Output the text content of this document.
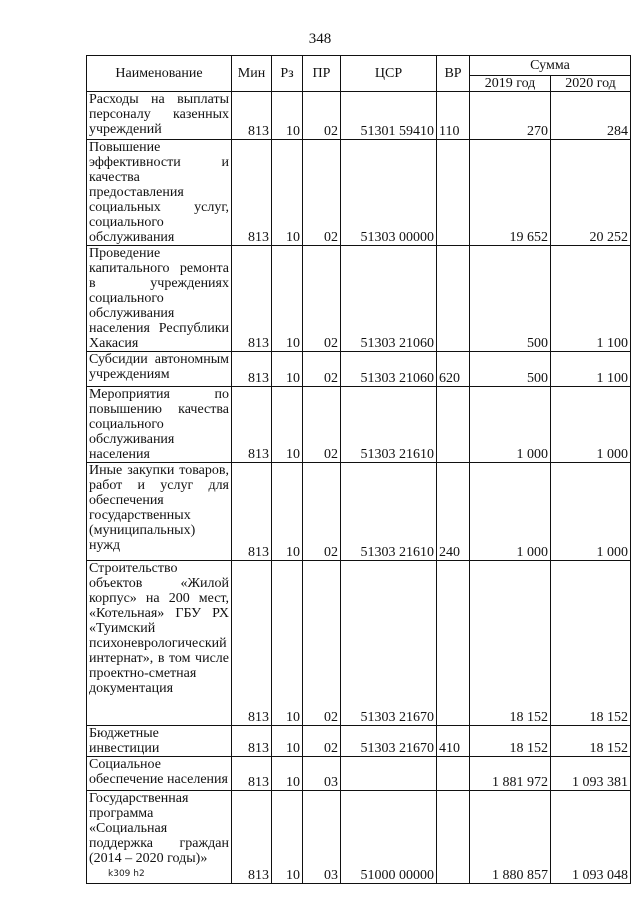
348
Наименование	Мин	Рз	ПР	ЦСР	ВР	Сумма	
						2019 год	2020 год
Расходы на выплаты персоналу казенных учреждений	813	10	02	51301 59410	110	270	284
Повышение эффективности и качества предоставления социальных услуг, социального обслуживания	813	10	02	51303 00000		19 652	20 252
Проведение капитального ремонта в учреждениях социального обслуживания населения Республики Хакасия	813	10	02	51303 21060		500	1 100
Субсидии автономным учреждениям	813	10	02	51303 21060	620	500	1 100
Мероприятия по повышению качества социального обслуживания населения	813	10	02	51303 21610		1 000	1 000
Иные закупки товаров, работ и услуг для обеспечения государственных (муниципальных) нужд	813	10	02	51303 21610	240	1 000	1 000
Строительство объектов «Жилой корпус» на 200 мест, «Котельная» ГБУ РХ «Туимский психоневрологический интернат», в том числе проектно-сметная документация	813	10	02	51303 21670		18 152	18 152
Бюджетные инвестиции	813	10	02	51303 21670	410	18 152	18 152
Социальное обеспечение населения	813	10	03			1 881 972	1 093 381
Государственная программа «Социальная поддержка граждан (2014 – 2020 годы)»	813	10	03	51000 00000		1 880 857	1 093 048
k309 h2
